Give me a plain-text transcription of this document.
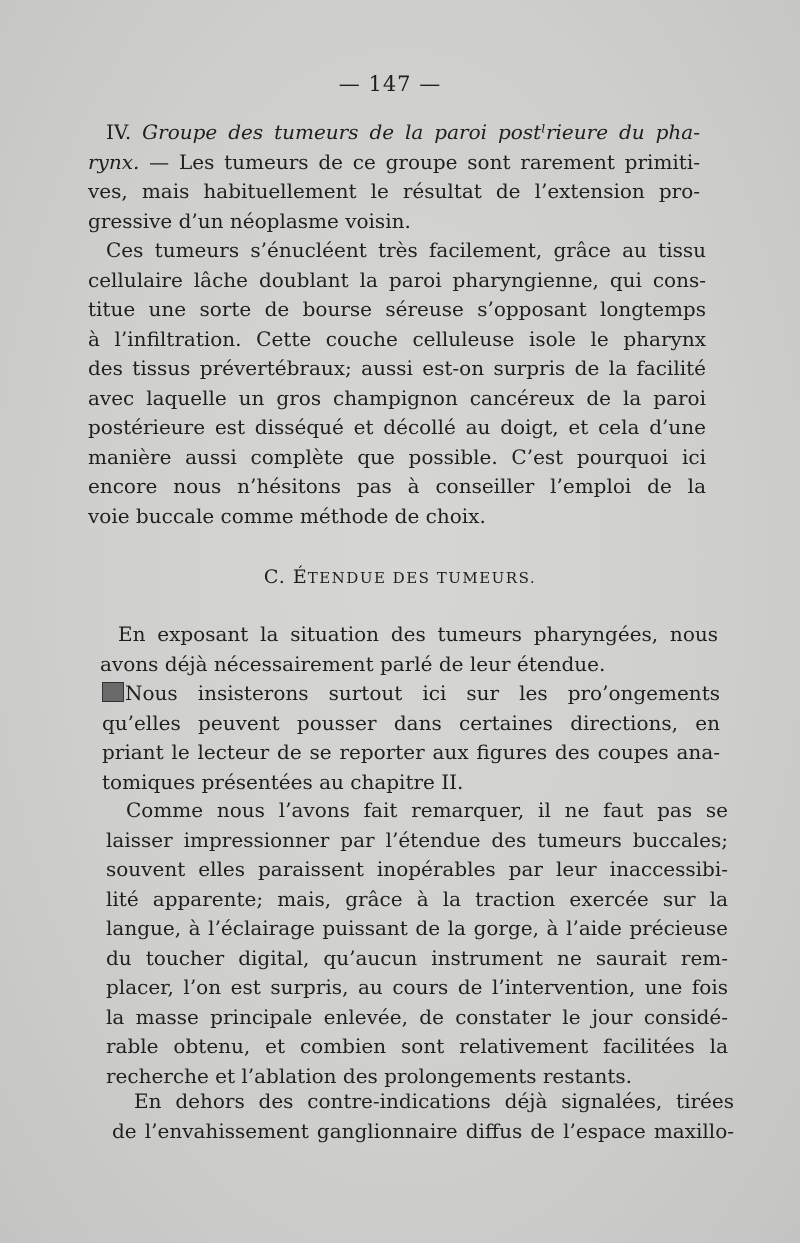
— 147 —
IV. Groupe des tumeurs de la paroi postˡrieure du pha-
rynx. — Les tumeurs de ce groupe sont rarement primiti-
ves, mais habituellement le résultat de l’extension pro-
gressive d’un néoplasme voisin.
Ces tumeurs s’énucléent très facilement, grâce au tissu
cellulaire lâche doublant la paroi pharyngienne, qui cons-
titue une sorte de bourse séreuse s’opposant longtemps
à l’infiltration. Cette couche celluleuse isole le pharynx
des tissus prévertébraux; aussi est-on surpris de la facilité
avec laquelle un gros champignon cancéreux de la paroi
postérieure est disséqué et décollé au doigt, et cela d’une
manière aussi complète que possible. C’est pourquoi ici
encore nous n’hésitons pas à conseiller l’emploi de la
voie buccale comme méthode de choix.
C. ÉTENDUE DES TUMEURS.
En exposant la situation des tumeurs pharyngées, nous
avons déjà nécessairement parlé de leur étendue.
Nous insisterons surtout ici sur les pro’ongements
qu’elles peuvent pousser dans certaines directions, en
priant le lecteur de se reporter aux figures des coupes ana-
tomiques présentées au chapitre II.
Comme nous l’avons fait remarquer, il ne faut pas se
laisser impressionner par l’étendue des tumeurs buccales;
souvent elles paraissent inopérables par leur inaccessibi-
lité apparente; mais, grâce à la traction exercée sur la
langue, à l’éclairage puissant de la gorge, à l’aide précieuse
du toucher digital, qu’aucun instrument ne saurait rem-
placer, l’on est surpris, au cours de l’intervention, une fois
la masse principale enlevée, de constater le jour considé-
rable obtenu, et combien sont relativement facilitées la
recherche et l’ablation des prolongements restants.
En dehors des contre-indications déjà signalées, tirées
de l’envahissement ganglionnaire diffus de l’espace maxillo-
